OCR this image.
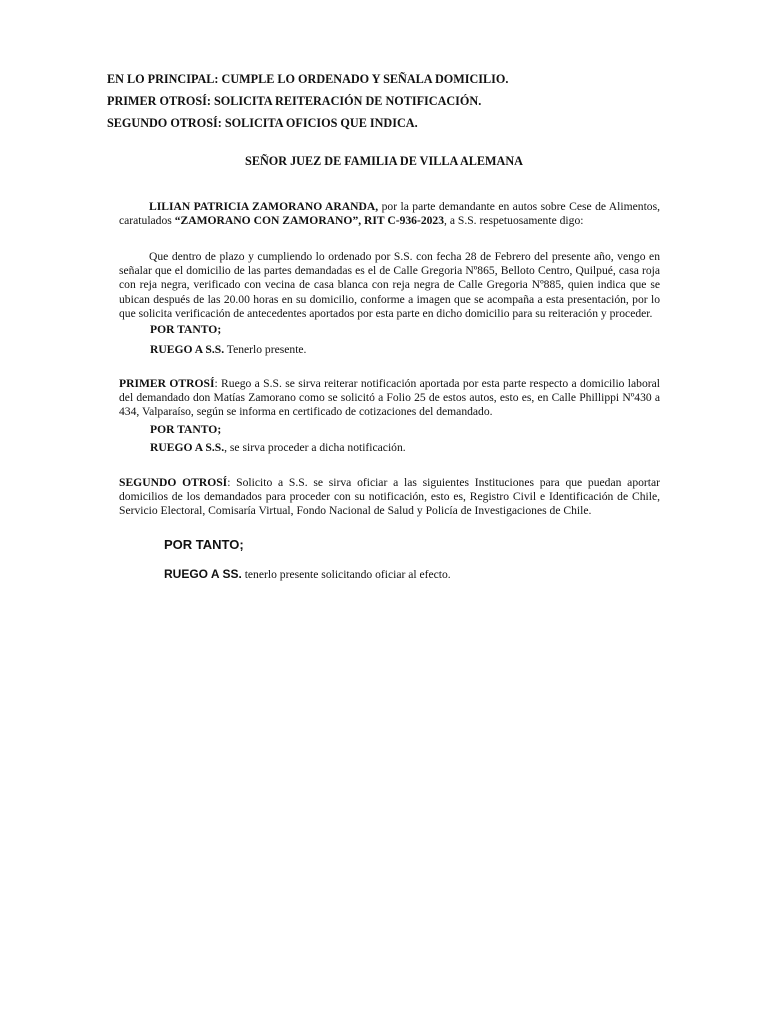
EN LO PRINCIPAL: CUMPLE LO ORDENADO Y SEÑALA DOMICILIO.
PRIMER OTROSÍ: SOLICITA REITERACIÓN DE NOTIFICACIÓN.
SEGUNDO OTROSÍ: SOLICITA OFICIOS QUE INDICA.
SEÑOR JUEZ DE FAMILIA DE VILLA ALEMANA
LILIAN PATRICIA ZAMORANO ARANDA, por la parte demandante en autos sobre Cese de Alimentos, caratulados “ZAMORANO CON ZAMORANO”, RIT C-936-2023, a S.S. respetuosamente digo:
Que dentro de plazo y cumpliendo lo ordenado por S.S. con fecha 28 de Febrero del presente año, vengo en señalar que el domicilio de las partes demandadas es el de Calle Gregoria Nº865, Belloto Centro, Quilpué, casa roja con reja negra, verificado con vecina de casa blanca con reja negra de Calle Gregoria Nº885, quien indica que se ubican después de las 20.00 horas en su domicilio, conforme a imagen que se acompaña a esta presentación, por lo que solicita verificación de antecedentes aportados por esta parte en dicho domicilio para su reiteración y proceder.
POR TANTO;
RUEGO A S.S. Tenerlo presente.
PRIMER OTROSÍ: Ruego a S.S. se sirva reiterar notificación aportada por esta parte respecto a domicilio laboral del demandado don Matías Zamorano como se solicitó a Folio 25 de estos autos, esto es, en Calle Phillippi Nº430 a 434, Valparaíso, según se informa en certificado de cotizaciones del demandado.
POR TANTO;
RUEGO A S.S., se sirva proceder a dicha notificación.
SEGUNDO OTROSÍ: Solicito a S.S. se sirva oficiar a las siguientes Instituciones para que puedan aportar domicilios de los demandados para proceder con su notificación, esto es, Registro Civil e Identificación de Chile, Servicio Electoral, Comisaría Virtual, Fondo Nacional de Salud y Policía de Investigaciones de Chile.
POR TANTO;
RUEGO A SS. tenerlo presente solicitando oficiar al efecto.
